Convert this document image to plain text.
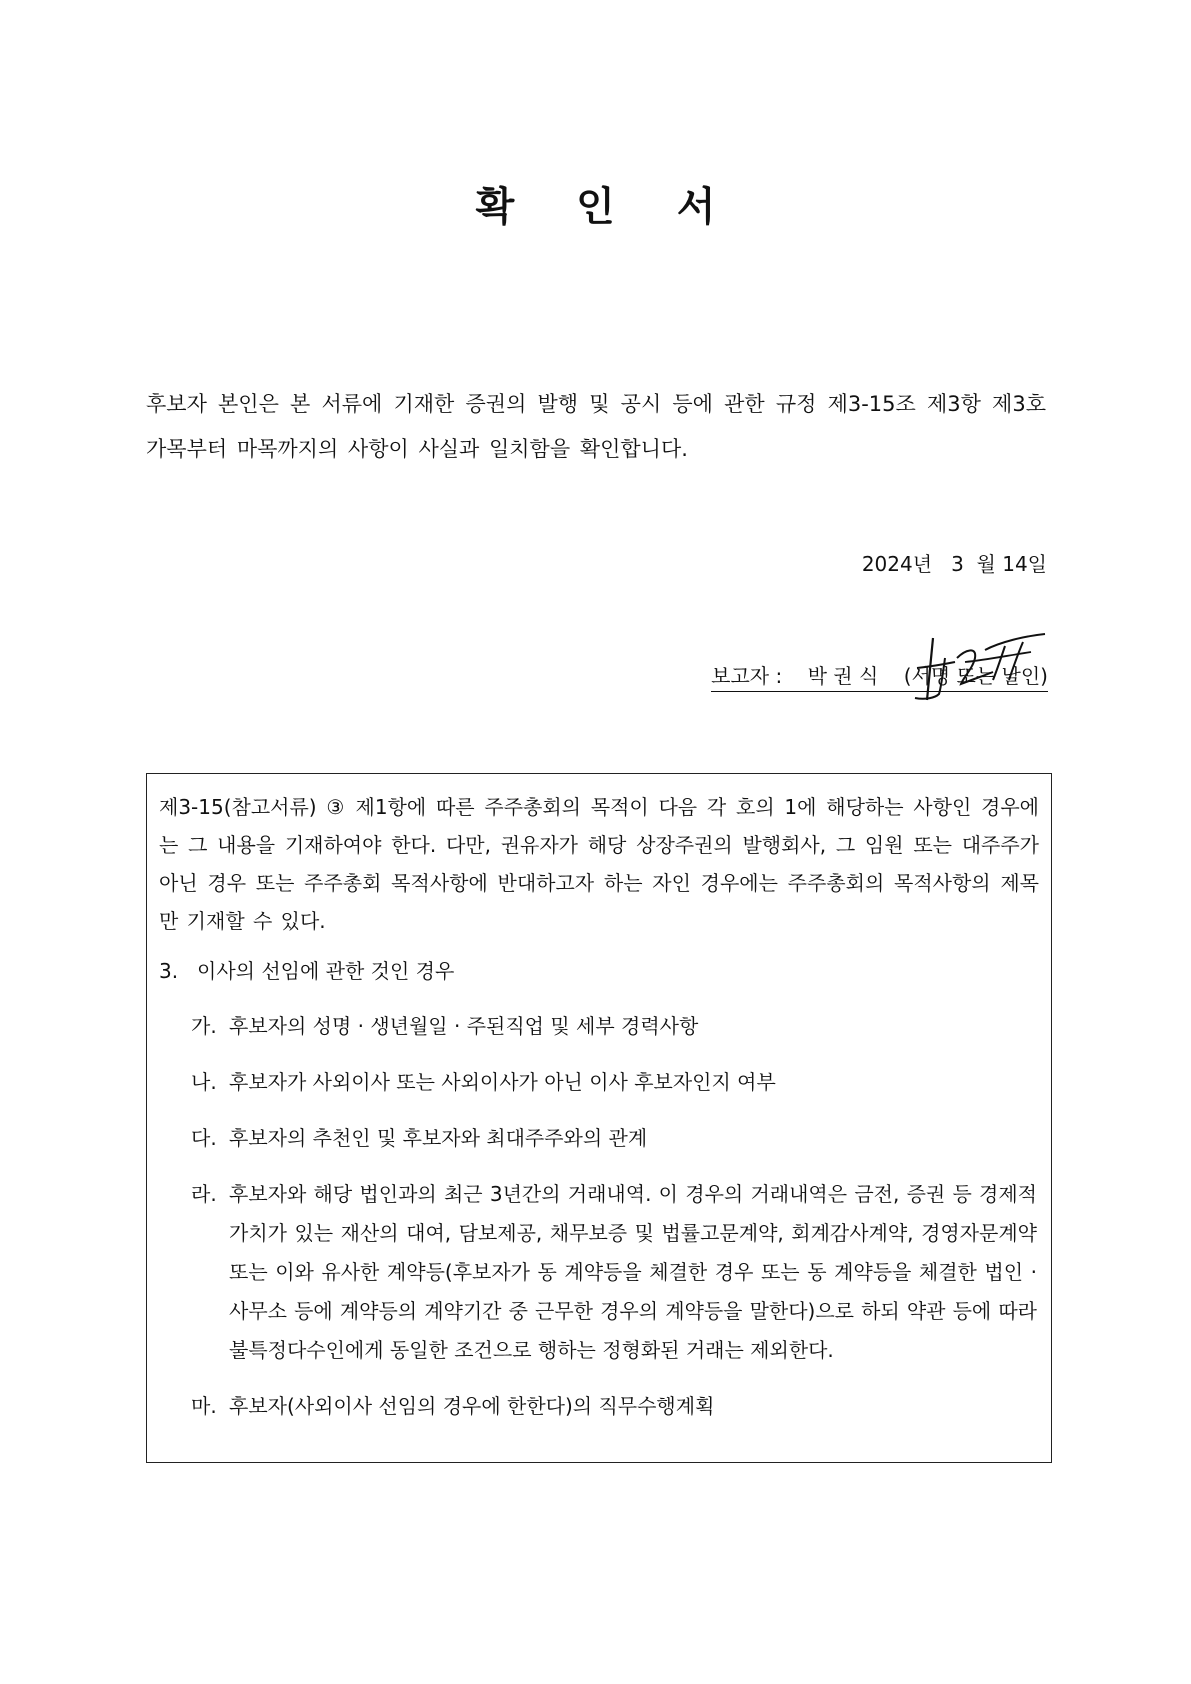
확 인 서

후보자 본인은 본 서류에 기재한 증권의 발행 및 공시 등에 관한 규정 제3-15조 제3항 제3호 가목부터 마목까지의 사항이 사실과 일치함을 확인합니다.

2024년   3  월 14일

보고자 : 박 권 식 (서명 또는 날인)

제3-15(참고서류) ③ 제1항에 따른 주주총회의 목적이 다음 각 호의 1에 해당하는 사항인 경우에는 그 내용을 기재하여야 한다. 다만, 권유자가 해당 상장주권의 발행회사, 그 임원 또는 대주주가 아닌 경우 또는 주주총회 목적사항에 반대하고자 하는 자인 경우에는 주주총회의 목적사항의 제목만 기재할 수 있다.

3. 이사의 선임에 관한 것인 경우

가. 후보자의 성명 · 생년월일 · 주된직업 및 세부 경력사항
나. 후보자가 사외이사 또는 사외이사가 아닌 이사 후보자인지 여부
다. 후보자의 추천인 및 후보자와 최대주주와의 관계
라. 후보자와 해당 법인과의 최근 3년간의 거래내역. 이 경우의 거래내역은 금전, 증권 등 경제적 가치가 있는 재산의 대여, 담보제공, 채무보증 및 법률고문계약, 회계감사계약, 경영자문계약 또는 이와 유사한 계약등(후보자가 동 계약등을 체결한 경우 또는 동 계약등을 체결한 법인 · 사무소 등에 계약등의 계약기간 중 근무한 경우의 계약등을 말한다)으로 하되 약관 등에 따라 불특정다수인에게 동일한 조건으로 행하는 정형화된 거래는 제외한다.
마. 후보자(사외이사 선임의 경우에 한한다)의 직무수행계획
